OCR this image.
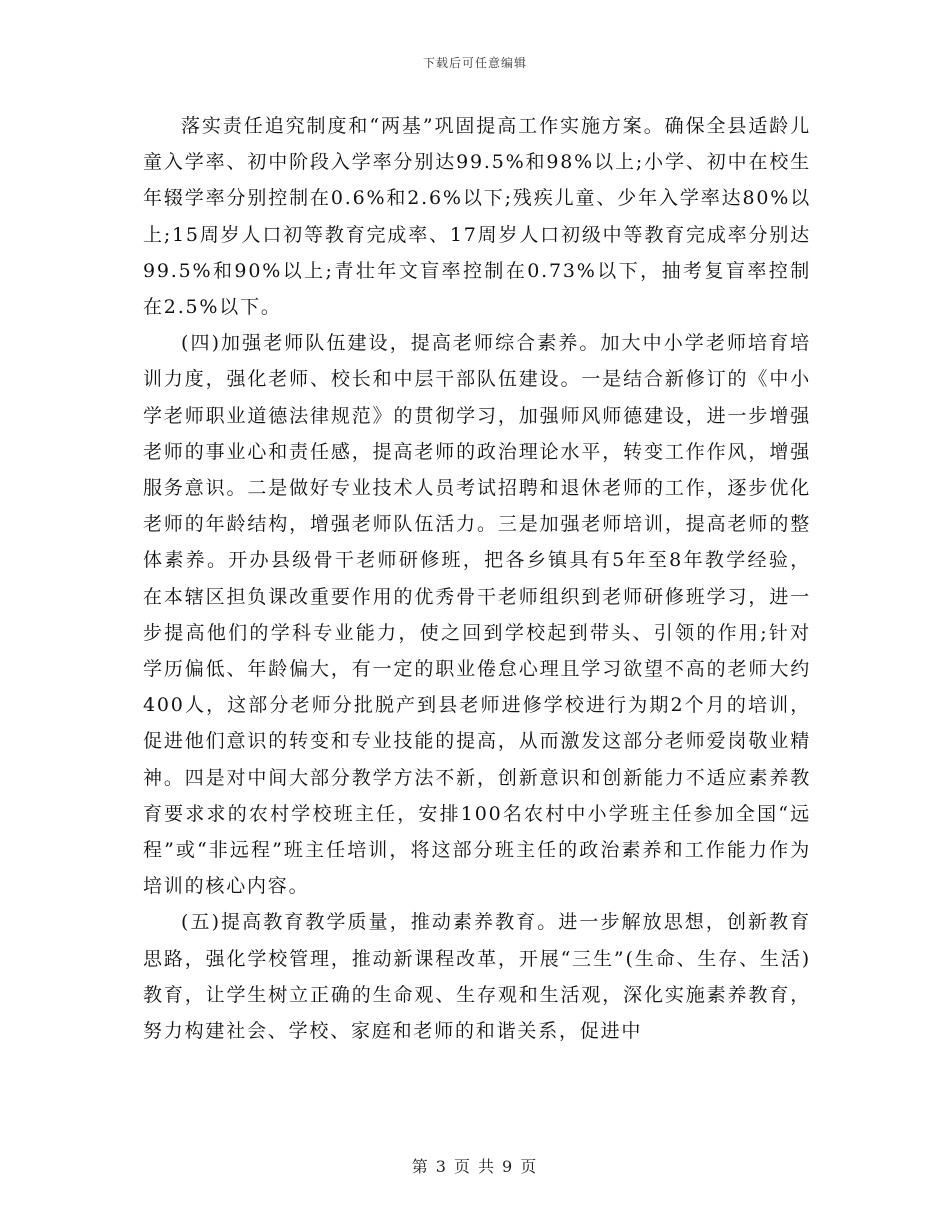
下载后可任意编辑

落实责任追究制度和“两基”巩固提高工作实施方案。确保全县适龄儿童入学率、初中阶段入学率分别达99.5%和98%以上;小学、初中在校生年辍学率分别控制在0.6%和2.6%以下;残疾儿童、少年入学率达80%以上;15周岁人口初等教育完成率、17周岁人口初级中等教育完成率分别达99.5%和90%以上;青壮年文盲率控制在0.73%以下，抽考复盲率控制在2.5%以下。

(四)加强老师队伍建设，提高老师综合素养。加大中小学老师培育培训力度，强化老师、校长和中层干部队伍建设。一是结合新修订的《中小学老师职业道德法律规范》的贯彻学习，加强师风师德建设，进一步增强老师的事业心和责任感，提高老师的政治理论水平，转变工作作风，增强服务意识。二是做好专业技术人员考试招聘和退休老师的工作，逐步优化老师的年龄结构，增强老师队伍活力。三是加强老师培训，提高老师的整体素养。开办县级骨干老师研修班，把各乡镇具有5年至8年教学经验，在本辖区担负课改重要作用的优秀骨干老师组织到老师研修班学习，进一步提高他们的学科专业能力，使之回到学校起到带头、引领的作用;针对学历偏低、年龄偏大，有一定的职业倦怠心理且学习欲望不高的老师大约400人，这部分老师分批脱产到县老师进修学校进行为期2个月的培训，促进他们意识的转变和专业技能的提高，从而激发这部分老师爱岗敬业精神。四是对中间大部分教学方法不新，创新意识和创新能力不适应素养教育要求求的农村学校班主任，安排100名农村中小学班主任参加全国“远程”或“非远程”班主任培训，将这部分班主任的政治素养和工作能力作为培训的核心内容。

(五)提高教育教学质量，推动素养教育。进一步解放思想，创新教育思路，强化学校管理，推动新课程改革，开展“三生”(生命、生存、生活)教育，让学生树立正确的生命观、生存观和生活观，深化实施素养教育，努力构建社会、学校、家庭和老师的和谐关系，促进中

第 3 页 共 9 页
